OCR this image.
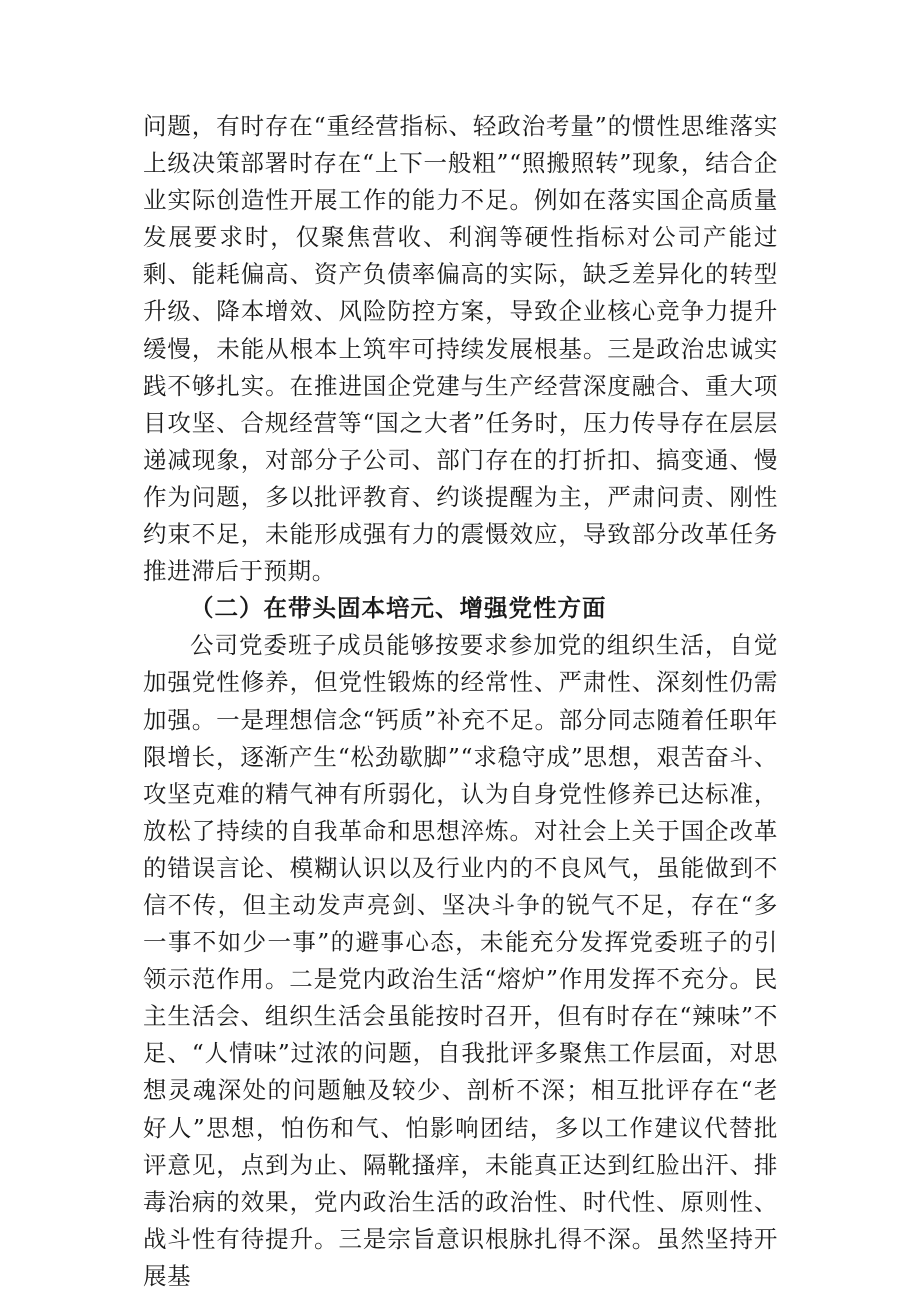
问题，有时存在“重经营指标、轻政治考量”的惯性思维落实上级决策部署时存在“上下一般粗”“照搬照转”现象，结合企业实际创造性开展工作的能力不足。例如在落实国企高质量发展要求时，仅聚焦营收、利润等硬性指标对公司产能过剩、能耗偏高、资产负债率偏高的实际，缺乏差异化的转型升级、降本增效、风险防控方案，导致企业核心竞争力提升缓慢，未能从根本上筑牢可持续发展根基。三是政治忠诚实践不够扎实。在推进国企党建与生产经营深度融合、重大项目攻坚、合规经营等“国之大者”任务时，压力传导存在层层递减现象，对部分子公司、部门存在的打折扣、搞变通、慢作为问题，多以批评教育、约谈提醒为主，严肃问责、刚性约束不足，未能形成强有力的震慑效应，导致部分改革任务推进滞后于预期。

（二）在带头固本培元、增强党性方面

公司党委班子成员能够按要求参加党的组织生活，自觉加强党性修养，但党性锻炼的经常性、严肃性、深刻性仍需加强。一是理想信念“钙质”补充不足。部分同志随着任职年限增长，逐渐产生“松劲歇脚”“求稳守成”思想，艰苦奋斗、攻坚克难的精气神有所弱化，认为自身党性修养已达标准，放松了持续的自我革命和思想淬炼。对社会上关于国企改革的错误言论、模糊认识以及行业内的不良风气，虽能做到不信不传，但主动发声亮剑、坚决斗争的锐气不足，存在“多一事不如少一事”的避事心态，未能充分发挥党委班子的引领示范作用。二是党内政治生活“熔炉”作用发挥不充分。民主生活会、组织生活会虽能按时召开，但有时存在“辣味”不足、“人情味”过浓的问题，自我批评多聚焦工作层面，对思想灵魂深处的问题触及较少、剖析不深；相互批评存在“老好人”思想，怕伤和气、怕影响团结，多以工作建议代替批评意见，点到为止、隔靴搔痒，未能真正达到红脸出汗、排毒治病的效果，党内政治生活的政治性、时代性、原则性、战斗性有待提升。三是宗旨意识根脉扎得不深。虽然坚持开展基
